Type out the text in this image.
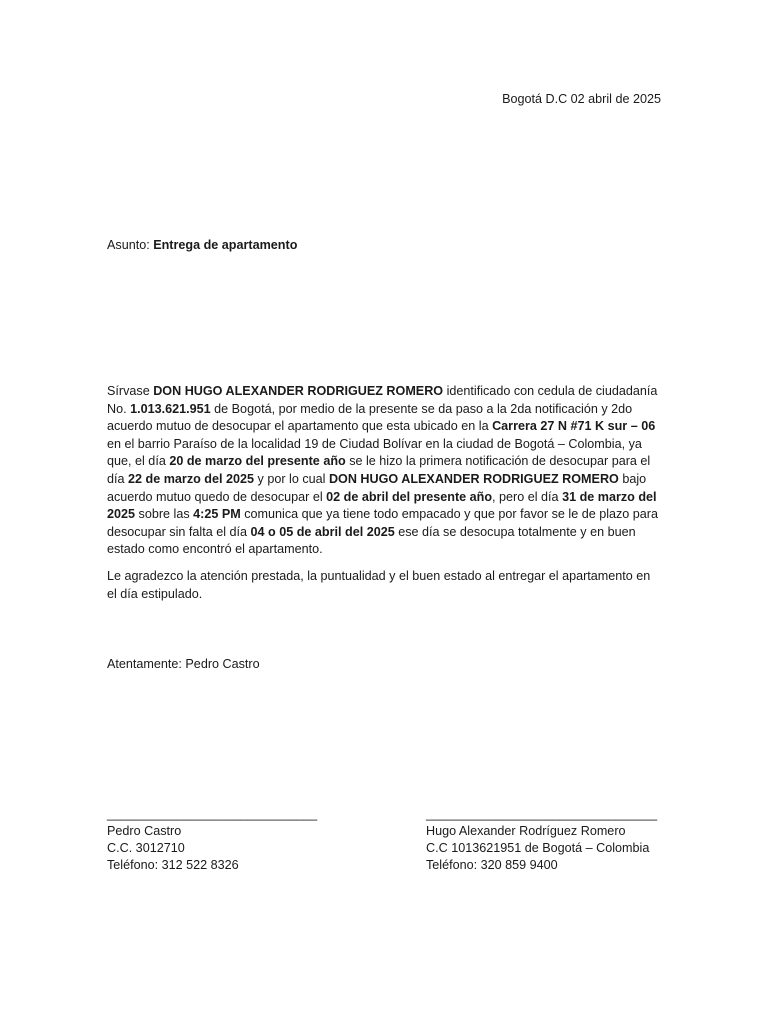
Bogotá D.C 02 abril de 2025
Asunto: Entrega de apartamento

Sírvase DON HUGO ALEXANDER RODRIGUEZ ROMERO identificado con cedula de ciudadanía No. 1.013.621.951 de Bogotá, por medio de la presente se da paso a la 2da notificación y 2do acuerdo mutuo de desocupar el apartamento que esta ubicado en la Carrera 27 N #71 K sur – 06 en el barrio Paraíso de la localidad 19 de Ciudad Bolívar en la ciudad de Bogotá – Colombia, ya que, el día 20 de marzo del presente año se le hizo la primera notificación de desocupar para el día 22 de marzo del 2025 y por lo cual DON HUGO ALEXANDER RODRIGUEZ ROMERO bajo acuerdo mutuo quedo de desocupar el 02 de abril del presente año, pero el día 31 de marzo del 2025 sobre las 4:25 PM comunica que ya tiene todo empacado y que por favor se le de plazo para desocupar sin falta el día 04 o 05 de abril del 2025 ese día se desocupa totalmente y en buen estado como encontró el apartamento.

Le agradezco la atención prestada, la puntualidad y el buen estado al entregar el apartamento en el día estipulado.

Atentamente: Pedro Castro
______________________________
Pedro Castro
C.C. 3012710
Teléfono: 312 522 8326
_________________________________
Hugo Alexander Rodríguez Romero
C.C 1013621951 de Bogotá – Colombia
Teléfono: 320 859 9400
